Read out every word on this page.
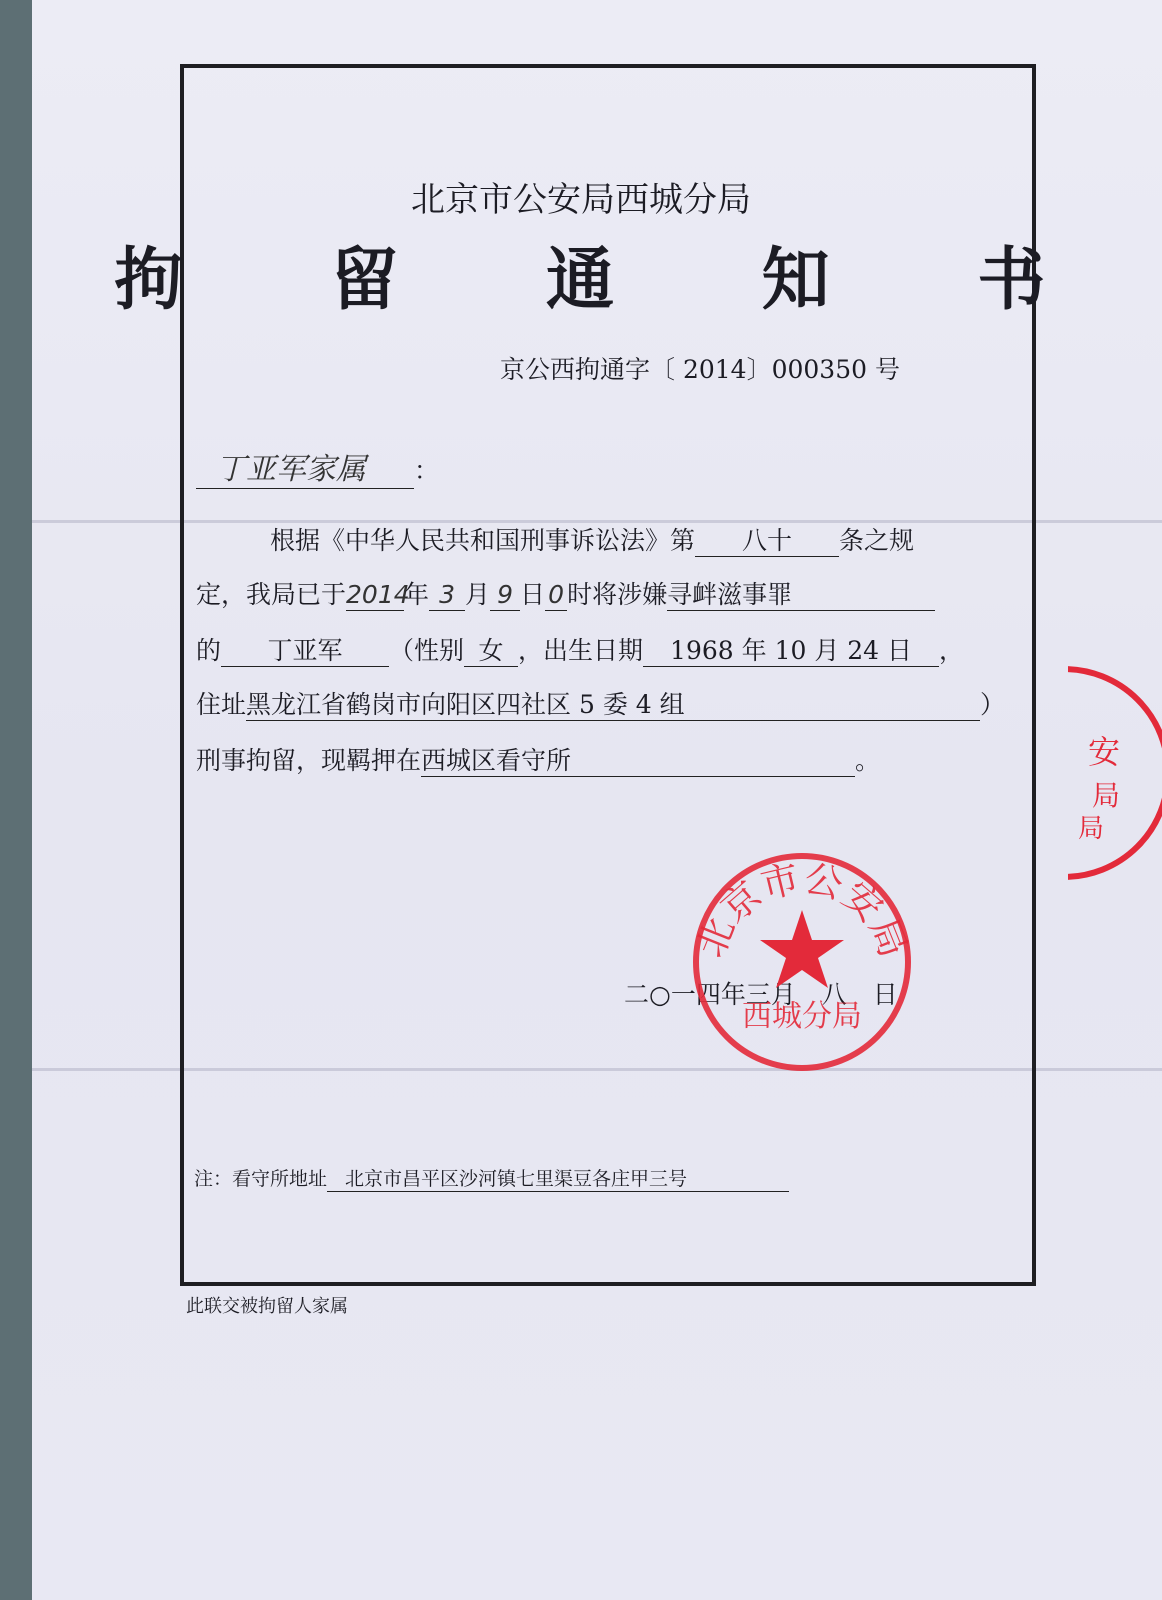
北京市公安局西城分局
拘 留 通 知 书
京公西拘通字〔 2014〕000350 号
丁亚军家属 ：
根据《中华人民共和国刑事诉讼法》第 八十 条之规
定，我局已于2014年 3 月 9 日 0 时将涉嫌寻衅滋事罪
的 丁亚军 （性别 女 ，出生日期 1968 年 10 月 24 日 ，
住址黑龙江省鹤岗市向阳区四社区 5 委 4 组	）
刑事拘留，现羁押在西城区看守所	。
二○一四年三月 八 日
北京市公安局
西城分局
安
局
局
注：看守所地址 北京市昌平区沙河镇七里渠豆各庄甲三号
此联交被拘留人家属
